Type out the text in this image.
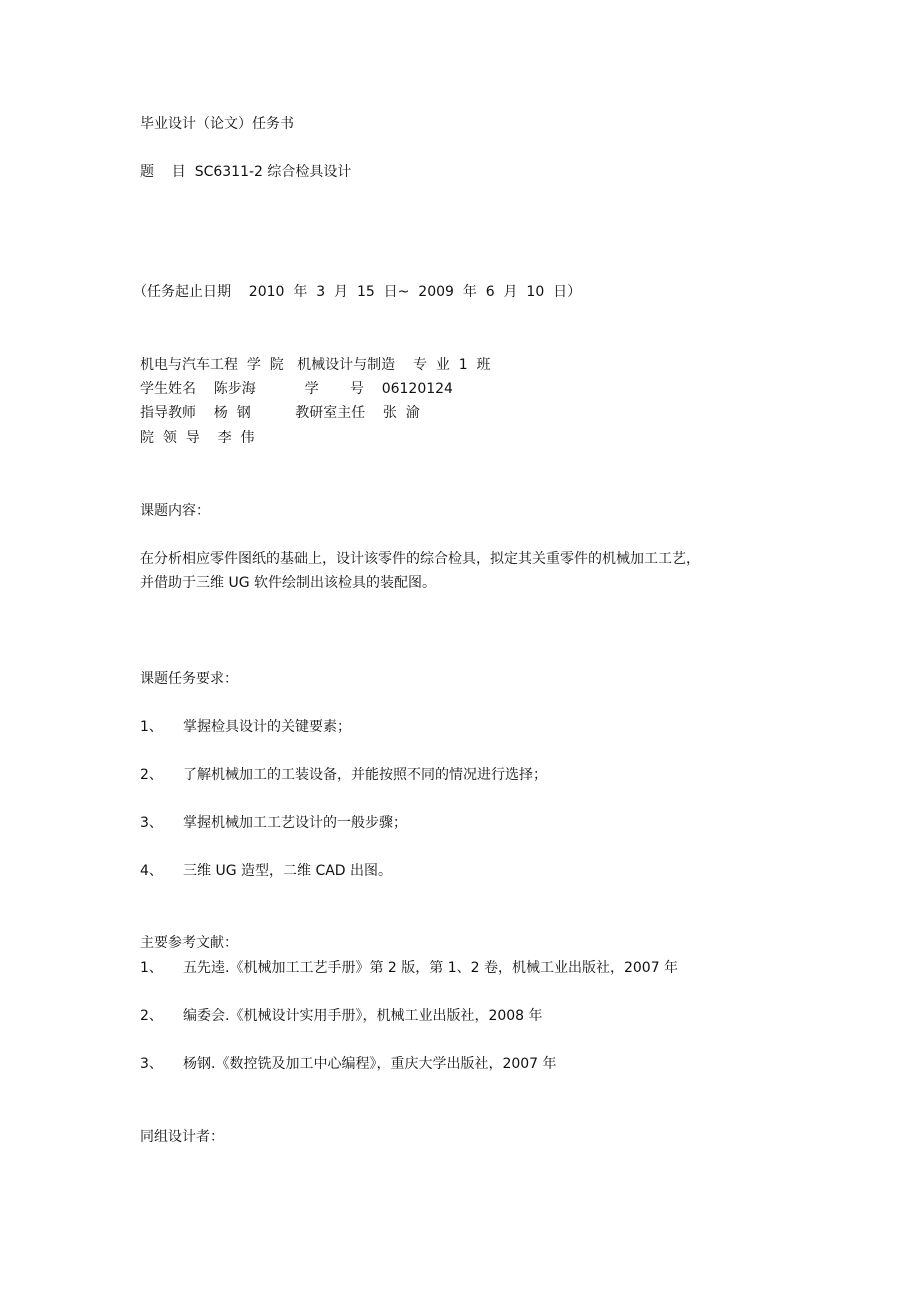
毕业设计（论文）任务书
题    目  SC6311-2 综合检具设计
（任务起止日期    2010  年  3  月  15  日~  2009  年  6  月  10  日）
机电与汽车工程  学  院   机械设计与制造    专  业  1  班
学生姓名    陈步海           学       号    06120124
指导教师    杨  钢          教研室主任    张  渝
院  领  导    李  伟
课题内容：
在分析相应零件图纸的基础上，设计该零件的综合检具，拟定其关重零件的机械加工工艺，
并借助于三维 UG 软件绘制出该检具的装配图。
课题任务要求：
1、 掌握检具设计的关键要素；
2、 了解机械加工的工装设备，并能按照不同的情况进行选择；
3、 掌握机械加工工艺设计的一般步骤；
4、 三维 UG 造型，二维 CAD 出图。
主要参考文献：
1、 五先逵.《机械加工工艺手册》第 2 版，第 1、2 卷，机械工业出版社，2007 年
2、 编委会.《机械设计实用手册》，机械工业出版社，2008 年
3、 杨钢.《数控铣及加工中心编程》，重庆大学出版社，2007 年
同组设计者：
